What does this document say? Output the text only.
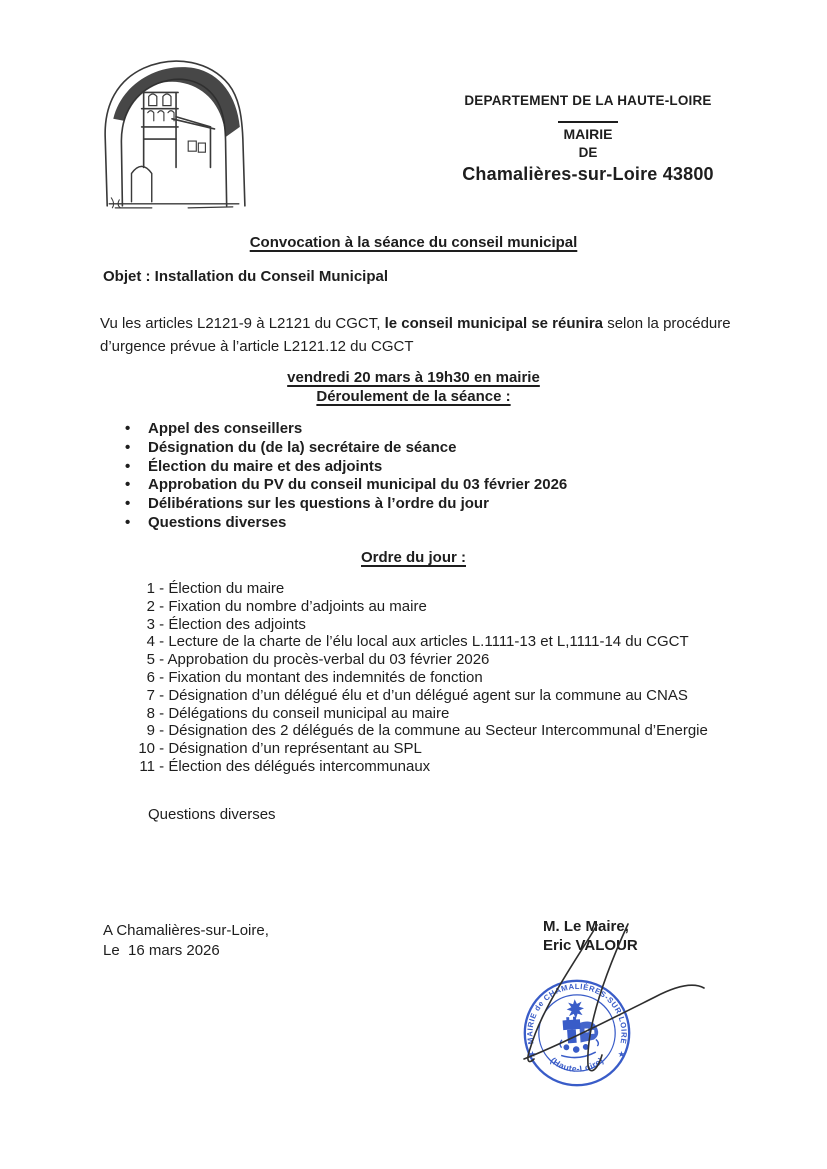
DEPARTEMENT DE LA HAUTE-LOIRE
MAIRIE
DE
Chamalières-sur-Loire 43800
Convocation à la séance du conseil municipal
Objet : Installation du Conseil Municipal
Vu les articles L2121-9 à L2121 du CGCT, le conseil municipal se réunira selon la procédure d’urgence prévue à l’article L2121.12 du CGCT
vendredi 20 mars à 19h30 en mairie
Déroulement de la séance :
•	Appel des conseillers
•	Désignation du (de la) secrétaire de séance
•	Élection du maire et des adjoints
•	Approbation du PV du conseil municipal du 03 février 2026
•	Délibérations sur les questions à l’ordre du jour
•	Questions diverses
Ordre du jour :
1 - Élection du maire
2 - Fixation du nombre d’adjoints au maire
3 - Élection des adjoints
4 - Lecture de la charte de l’élu local aux articles L.1111-13 et L,1111-14 du CGCT
5 - Approbation du procès-verbal du 03 février 2026
6 - Fixation du montant des indemnités de fonction
7 - Désignation d’un délégué élu et d’un délégué agent sur la commune au CNAS
8 - Délégations du conseil municipal au maire
9 - Désignation des 2 délégués de la commune au Secteur Intercommunal d’Energie
10 - Désignation d’un représentant au SPL
11 - Élection des délégués intercommunaux
Questions diverses
A Chamalières-sur-Loire,
Le  16 mars 2026
M. Le Maire,
Eric VALOUR
MAIRIE de CHAMALIÈRES-SUR-LOIRE
(Haute-Loire)
★	★
